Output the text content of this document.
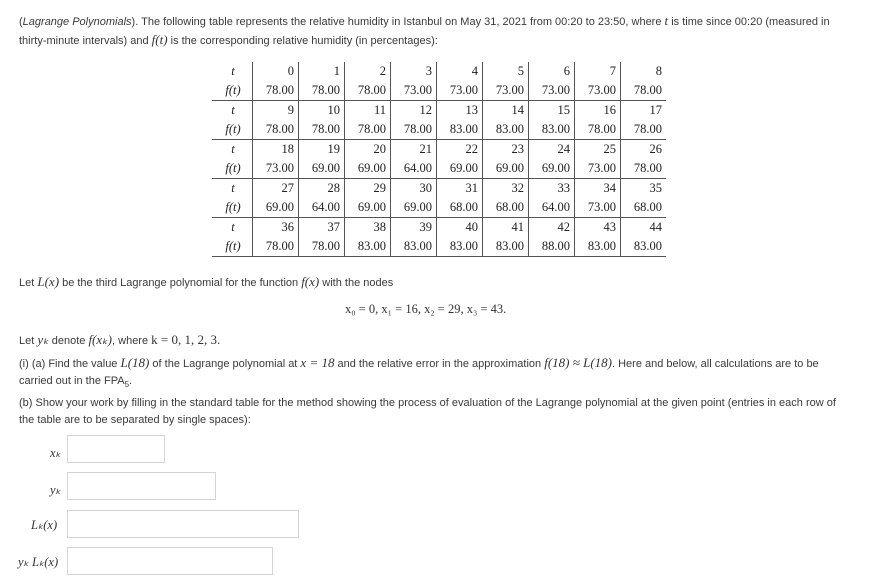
(Lagrange Polynomials). The following table represents the relative humidity in Istanbul on May 31, 2021 from 00:20 to 23:50, where t is time since 00:20 (measured in
thirty-minute intervals) and f(t) is the corresponding relative humidity (in percentages):
t	0	1	2	3	4	5	6	7	8
f(t)	78.00	78.00	78.00	73.00	73.00	73.00	73.00	73.00	78.00
t	9	10	11	12	13	14	15	16	17
f(t)	78.00	78.00	78.00	78.00	83.00	83.00	83.00	78.00	78.00
t	18	19	20	21	22	23	24	25	26
f(t)	73.00	69.00	69.00	64.00	69.00	69.00	69.00	73.00	78.00
t	27	28	29	30	31	32	33	34	35
f(t)	69.00	64.00	69.00	69.00	68.00	68.00	64.00	73.00	68.00
t	36	37	38	39	40	41	42	43	44
f(t)	78.00	78.00	83.00	83.00	83.00	83.00	88.00	83.00	83.00
Let L(x) be the third Lagrange polynomial for the function f(x) with the nodes
x₀ = 0, x₁ = 16, x₂ = 29, x₃ = 43.
Let yₖ denote f(xₖ), where k = 0, 1, 2, 3.
(i) (a) Find the value L(18) of the Lagrange polynomial at x = 18 and the relative error in the approximation f(18) ≈ L(18). Here and below, all calculations are to be
carried out in the $FPA_5$.
(b) Show your work by filling in the standard table for the method showing the process of evaluation of the Lagrange polynomial at the given point (entries in each row of
the table are to be separated by single spaces):
xₖ
yₖ
Lₖ(x)
yₖ Lₖ(x)
